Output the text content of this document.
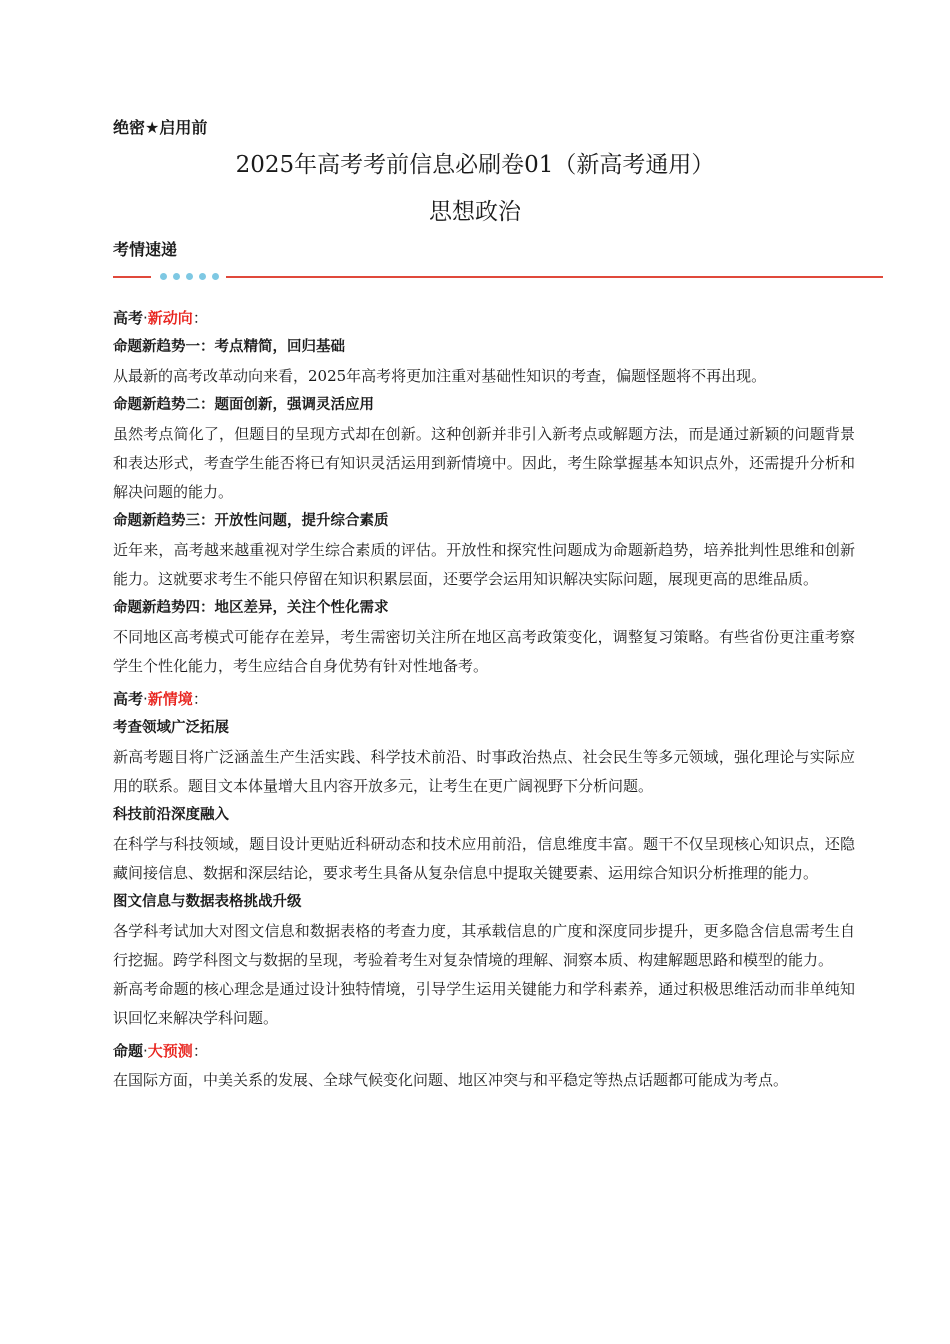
绝密★启用前
2025年高考考前信息必刷卷01（新高考通用）
思想政治
考情速递

高考·新动向：

命题新趋势一：考点精简，回归基础

从最新的高考改革动向来看，2025年高考将更加注重对基础性知识的考查，偏题怪题将不再出现。

命题新趋势二：题面创新，强调灵活应用

虽然考点简化了，但题目的呈现方式却在创新。这种创新并非引入新考点或解题方法，而是通过新颖的问题背景和表达形式，考查学生能否将已有知识灵活运用到新情境中。因此，考生除掌握基本知识点外，还需提升分析和解决问题的能力。

命题新趋势三：开放性问题，提升综合素质

近年来，高考越来越重视对学生综合素质的评估。开放性和探究性问题成为命题新趋势，培养批判性思维和创新能力。这就要求考生不能只停留在知识积累层面，还要学会运用知识解决实际问题，展现更高的思维品质。

命题新趋势四：地区差异，关注个性化需求

不同地区高考模式可能存在差异，考生需密切关注所在地区高考政策变化，调整复习策略。有些省份更注重考察学生个性化能力，考生应结合自身优势有针对性地备考。

高考·新情境：

考查领域广泛拓展

新高考题目将广泛涵盖生产生活实践、科学技术前沿、时事政治热点、社会民生等多元领域，强化理论与实际应用的联系。题目文本体量增大且内容开放多元，让考生在更广阔视野下分析问题。

科技前沿深度融入

在科学与科技领域，题目设计更贴近科研动态和技术应用前沿，信息维度丰富。题干不仅呈现核心知识点，还隐藏间接信息、数据和深层结论，要求考生具备从复杂信息中提取关键要素、运用综合知识分析推理的能力。

图文信息与数据表格挑战升级

各学科考试加大对图文信息和数据表格的考查力度，其承载信息的广度和深度同步提升，更多隐含信息需考生自行挖掘。跨学科图文与数据的呈现，考验着考生对复杂情境的理解、洞察本质、构建解题思路和模型的能力。

新高考命题的核心理念是通过设计独特情境，引导学生运用关键能力和学科素养，通过积极思维活动而非单纯知识回忆来解决学科问题。

命题·大预测：

在国际方面，中美关系的发展、全球气候变化问题、地区冲突与和平稳定等热点话题都可能成为考点。
